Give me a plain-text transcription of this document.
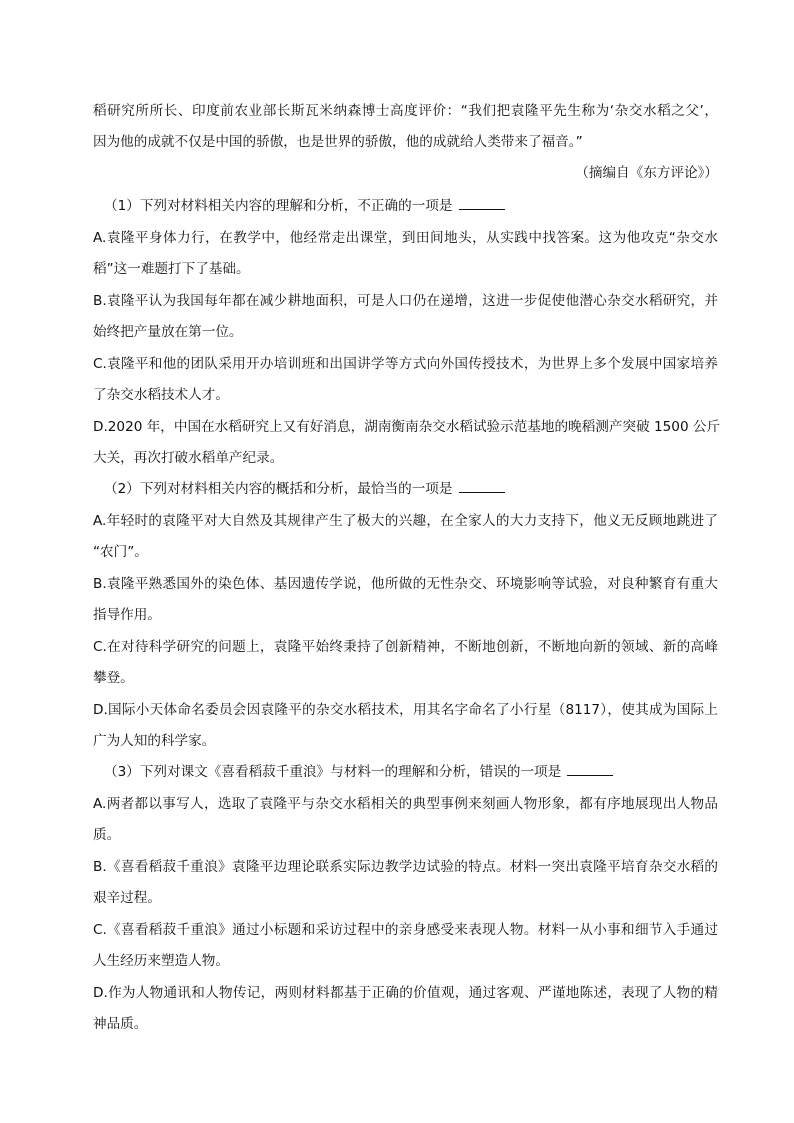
稻研究所所长、印度前农业部长斯瓦米纳森博士高度评价：“我们把袁隆平先生称为‘杂交水稻之父’，
因为他的成就不仅是中国的骄傲，也是世界的骄傲，他的成就给人类带来了福音。”
（摘编自《东方评论》）
（1）下列对材料相关内容的理解和分析，不正确的一项是
A.袁隆平身体力行，在教学中，他经常走出课堂，到田间地头，从实践中找答案。这为他攻克“杂交水
稻”这一难题打下了基础。
B.袁隆平认为我国每年都在减少耕地面积，可是人口仍在递增，这进一步促使他潜心杂交水稻研究，并
始终把产量放在第一位。
C.袁隆平和他的团队采用开办培训班和出国讲学等方式向外国传授技术，为世界上多个发展中国家培养
了杂交水稻技术人才。
D.2020 年，中国在水稻研究上又有好消息，湖南衡南杂交水稻试验示范基地的晚稻测产突破 1500 公斤
大关，再次打破水稻单产纪录。
（2）下列对材料相关内容的概括和分析，最恰当的一项是
A.年轻时的袁隆平对大自然及其规律产生了极大的兴趣，在全家人的大力支持下，他义无反顾地跳进了
“农门”。
B.袁隆平熟悉国外的染色体、基因遗传学说，他所做的无性杂交、环境影响等试验，对良种繁育有重大
指导作用。
C.在对待科学研究的问题上，袁隆平始终秉持了创新精神，不断地创新，不断地向新的领域、新的高峰
攀登。
D.国际小天体命名委员会因袁隆平的杂交水稻技术，用其名字命名了小行星（8117），使其成为国际上
广为人知的科学家。
（3）下列对课文《喜看稻菽千重浪》与材料一的理解和分析，错误的一项是
A.两者都以事写人，选取了袁隆平与杂交水稻相关的典型事例来刻画人物形象，都有序地展现出人物品
质。
B.《喜看稻菽千重浪》袁隆平边理论联系实际边教学边试验的特点。材料一突出袁隆平培育杂交水稻的
艰辛过程。
C.《喜看稻菽千重浪》通过小标题和采访过程中的亲身感受来表现人物。材料一从小事和细节入手通过
人生经历来塑造人物。
D.作为人物通讯和人物传记，两则材料都基于正确的价值观，通过客观、严谨地陈述，表现了人物的精
神品质。
